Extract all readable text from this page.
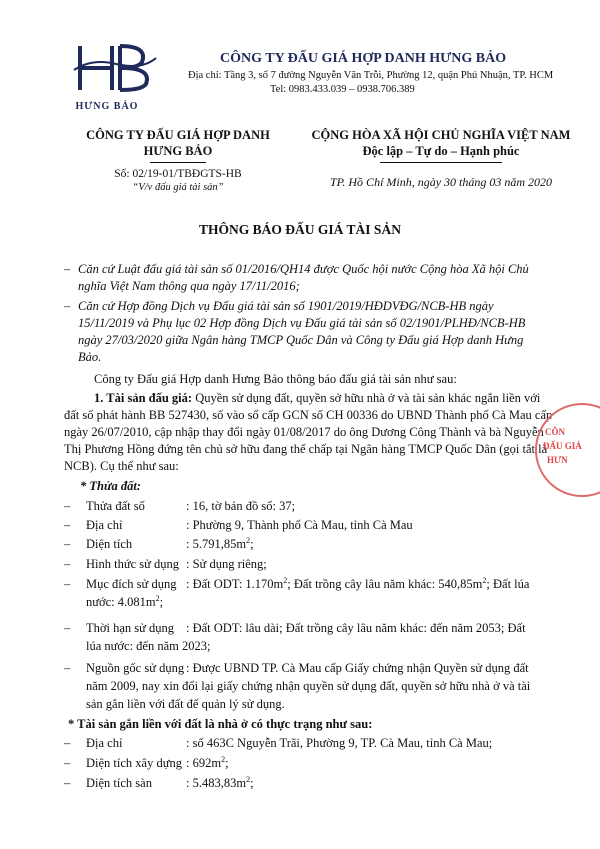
HƯNG BẢO
CÔNG TY ĐẤU GIÁ HỢP DANH HƯNG BẢO
Địa chỉ: Tầng 3, số 7 đường Nguyễn Văn Trỗi, Phường 12, quận Phú Nhuận, TP. HCM
Tel: 0983.433.039 – 0938.706.389
CÔNG TY ĐẤU GIÁ HỢP DANH
HƯNG BẢO
Số: 02/19-01/TBĐGTS-HB
“V/v đấu giá tài sản”
CỘNG HÒA XÃ HỘI CHỦ NGHĨA VIỆT NAM
Độc lập – Tự do – Hạnh phúc
TP. Hồ Chí Minh, ngày 30 tháng 03 năm 2020
THÔNG BÁO ĐẤU GIÁ TÀI SẢN
– Căn cứ Luật đấu giá tài sản số 01/2016/QH14 được Quốc hội nước Cộng hòa Xã hội Chủ
nghĩa Việt Nam thông qua ngày 17/11/2016;
– Căn cứ Hợp đồng Dịch vụ Đấu giá tài sản số 1901/2019/HĐDVĐG/NCB-HB ngày
15/11/2019 và Phụ lục 02 Hợp đồng Dịch vụ Đấu giá tài sản số 02/1901/PLHĐ/NCB-HB
ngày 27/03/2020 giữa Ngân hàng TMCP Quốc Dân và Công ty Đấu giá Hợp danh Hưng
Bảo.
Công ty Đấu giá Hợp danh Hưng Bảo thông báo đấu giá tài sản như sau:
1. Tài sản đấu giá: Quyền sử dụng đất, quyền sở hữu nhà ở và tài sản khác ngắn liền với
đất số phát hành BB 527430, số vào sổ cấp GCN số CH 00336 do UBND Thành phố Cà Mau cấp
ngày 26/07/2010, cập nhập thay đổi ngày 01/08/2017 do ông Dương Công Thành và bà Nguyễn
Thị Phương Hồng đứng tên chủ sở hữu đang thế chấp tại Ngân hàng TMCP Quốc Dân (gọi tắt là
NCB). Cụ thể như sau:
* Thửa đất:
– Thửa đất số	: 16, tờ bản đồ số: 37;
– Địa chỉ	: Phường 9, Thành phố Cà Mau, tỉnh Cà Mau
– Diện tích	: $5.791,85m^2$;
– Hình thức sử dụng : Sử dụng riêng;
– Mục đích sử dụng : Đất ODT: $1.170m^2$; Đất trồng cây lâu năm khác: $540,85m^2$; Đất lúa
nước: $4.081m^2$;
– Thời hạn sử dụng : Đất ODT: lâu dài; Đất trồng cây lâu năm khác: đến năm 2053; Đất
lúa nước: đến năm 2023;
– Nguồn gốc sử dụng : Được UBND TP. Cà Mau cấp Giấy chứng nhận Quyền sử dụng đất
năm 2009, nay xin đổi lại giấy chứng nhận quyền sử dụng đất, quyền sở hữu nhà ở và tài
sản gắn liền với đất để quản lý sử dụng.
* Tài sản gắn liền với đất là nhà ở có thực trạng như sau:
– Địa chỉ	: số 463C Nguyễn Trãi, Phường 9, TP. Cà Mau, tỉnh Cà Mau;
– Diện tích xây dựng : $692m^2$;
– Diện tích sàn	: $5.483,83m^2$;
CÔN
ĐẤU GIÁ
HƯN
